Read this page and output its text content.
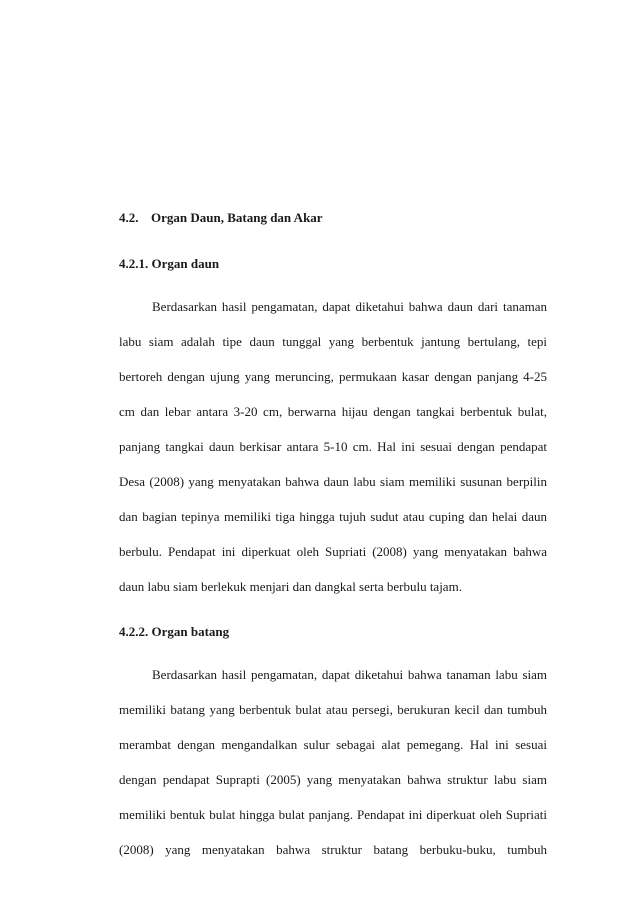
4.2. Organ Daun, Batang dan Akar
4.2.1. Organ daun
Berdasarkan hasil pengamatan, dapat diketahui bahwa daun dari tanaman
labu siam adalah tipe daun tunggal yang berbentuk jantung bertulang, tepi
bertoreh dengan ujung yang meruncing, permukaan kasar dengan panjang 4-25
cm dan lebar antara 3-20 cm, berwarna hijau dengan tangkai berbentuk bulat,
panjang tangkai daun berkisar antara 5-10 cm. Hal ini sesuai dengan pendapat
Desa (2008) yang menyatakan bahwa daun labu siam memiliki susunan berpilin
dan bagian tepinya memiliki tiga hingga tujuh sudut atau cuping dan helai daun
berbulu. Pendapat ini diperkuat oleh Supriati (2008) yang menyatakan bahwa
daun labu siam berlekuk menjari dan dangkal serta berbulu tajam.
4.2.2. Organ batang
Berdasarkan hasil pengamatan, dapat diketahui bahwa tanaman labu siam
memiliki batang yang berbentuk bulat atau persegi, berukuran kecil dan tumbuh
merambat dengan mengandalkan sulur sebagai alat pemegang. Hal ini sesuai
dengan pendapat Suprapti (2005) yang menyatakan bahwa struktur labu siam
memiliki bentuk bulat hingga bulat panjang. Pendapat ini diperkuat oleh Supriati
(2008) yang menyatakan bahwa struktur batang berbuku-buku, tumbuh
